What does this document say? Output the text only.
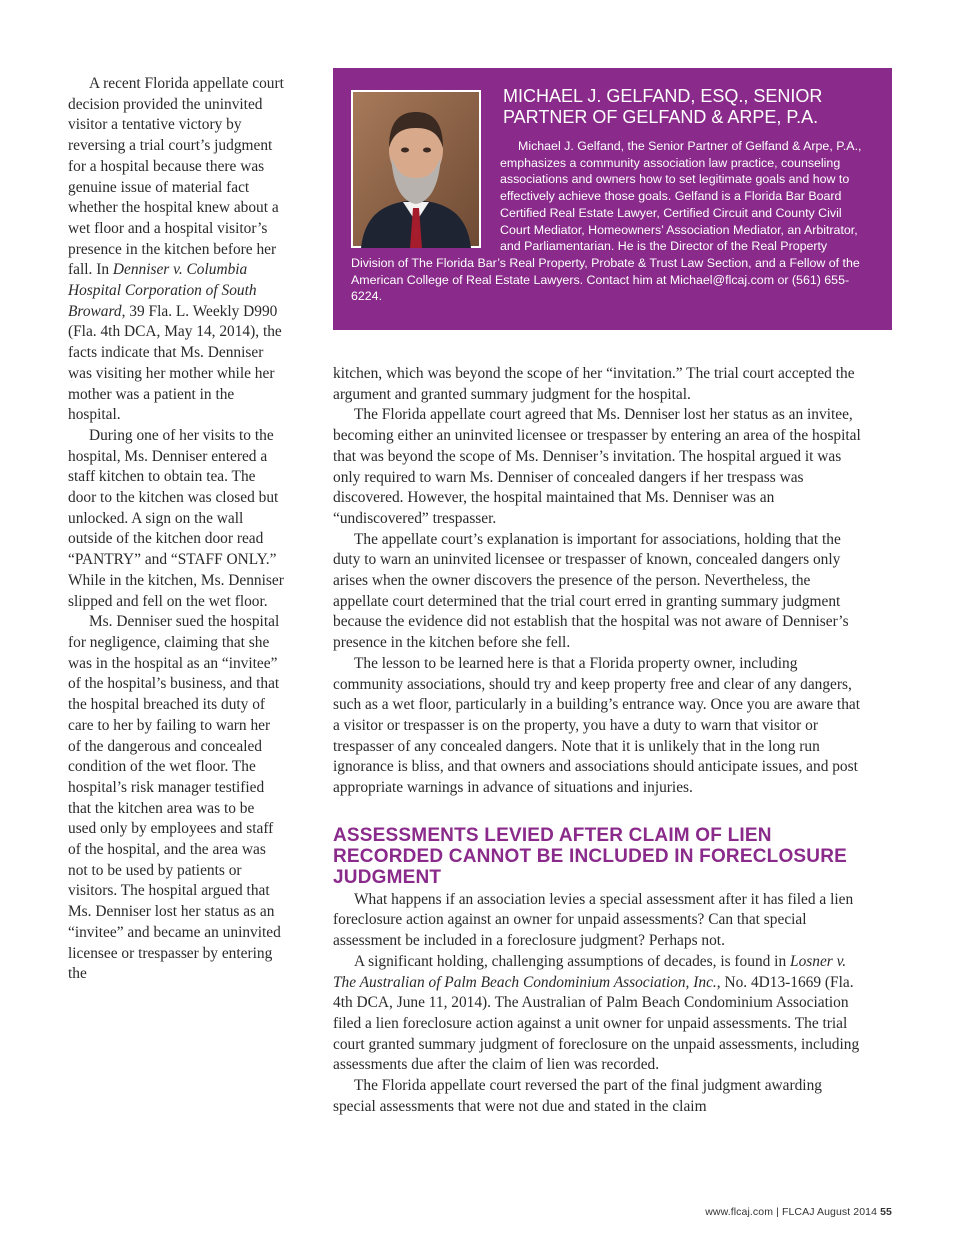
A recent Florida appellate court decision provided the uninvited visitor a tentative victory by reversing a trial court’s judgment for a hospital because there was genuine issue of material fact whether the hospital knew about a wet floor and a hospital visitor’s presence in the kitchen before her fall. In Denniser v. Columbia Hospital Corporation of South Broward, 39 Fla. L. Weekly D990 (Fla. 4th DCA, May 14, 2014), the facts indicate that Ms. Denniser was visiting her mother while her mother was a patient in the hospital.

During one of her visits to the hospital, Ms. Denniser entered a staff kitchen to obtain tea. The door to the kitchen was closed but unlocked. A sign on the wall outside of the kitchen door read “PANTRY” and “STAFF ONLY.” While in the kitchen, Ms. Denniser slipped and fell on the wet floor.

Ms. Denniser sued the hospital for negligence, claiming that she was in the hospital as an “invitee” of the hospital’s business, and that the hospital breached its duty of care to her by failing to warn her of the dangerous and concealed condition of the wet floor. The hospital’s risk manager testified that the kitchen area was to be used only by employees and staff of the hospital, and the area was not to be used by patients or visitors. The hospital argued that Ms. Denniser lost her status as an “invitee” and became an uninvited licensee or trespasser by entering the

MICHAEL J. GELFAND, ESQ., SENIOR PARTNER OF GELFAND & ARPE, P.A.

Michael J. Gelfand, the Senior Partner of Gelfand & Arpe, P.A., emphasizes a community association law practice, counseling associations and owners how to set legitimate goals and how to effectively achieve those goals. Gelfand is a Florida Bar Board Certified Real Estate Lawyer, Certified Circuit and County Civil Court Mediator, Homeowners’ Association Mediator, an Arbitrator, and Parliamentarian. He is the Director of the Real Property Division of The Florida Bar’s Real Property, Probate & Trust Law Section, and a Fellow of the American College of Real Estate Lawyers. Contact him at Michael@flcaj.com or (561) 655-6224.

kitchen, which was beyond the scope of her “invitation.” The trial court accepted the argument and granted summary judgment for the hospital.

The Florida appellate court agreed that Ms. Denniser lost her status as an invitee, becoming either an uninvited licensee or trespasser by entering an area of the hospital that was beyond the scope of Ms. Denniser’s invitation. The hospital argued it was only required to warn Ms. Denniser of concealed dangers if her trespass was discovered. However, the hospital maintained that Ms. Denniser was an “undiscovered” trespasser.

The appellate court’s explanation is important for associations, holding that the duty to warn an uninvited licensee or trespasser of known, concealed dangers only arises when the owner discovers the presence of the person. Nevertheless, the appellate court determined that the trial court erred in granting summary judgment because the evidence did not establish that the hospital was not aware of Denniser’s presence in the kitchen before she fell.

The lesson to be learned here is that a Florida property owner, including community associations, should try and keep property free and clear of any dangers, such as a wet floor, particularly in a building’s entrance way. Once you are aware that a visitor or trespasser is on the property, you have a duty to warn that visitor or trespasser of any concealed dangers. Note that it is unlikely that in the long run ignorance is bliss, and that owners and associations should anticipate issues, and post appropriate warnings in advance of situations and injuries.

ASSESSMENTS LEVIED AFTER CLAIM OF LIEN RECORDED CANNOT BE INCLUDED IN FORECLOSURE JUDGMENT

What happens if an association levies a special assessment after it has filed a lien foreclosure action against an owner for unpaid assessments? Can that special assessment be included in a foreclosure judgment? Perhaps not.

A significant holding, challenging assumptions of decades, is found in Losner v. The Australian of Palm Beach Condominium Association, Inc., No. 4D13-1669 (Fla. 4th DCA, June 11, 2014). The Australian of Palm Beach Condominium Association filed a lien foreclosure action against a unit owner for unpaid assessments. The trial court granted summary judgment of foreclosure on the unpaid assessments, including assessments due after the claim of lien was recorded.

The Florida appellate court reversed the part of the final judgment awarding special assessments that were not due and stated in the claim

www.flcaj.com | FLCAJ August 2014 55
